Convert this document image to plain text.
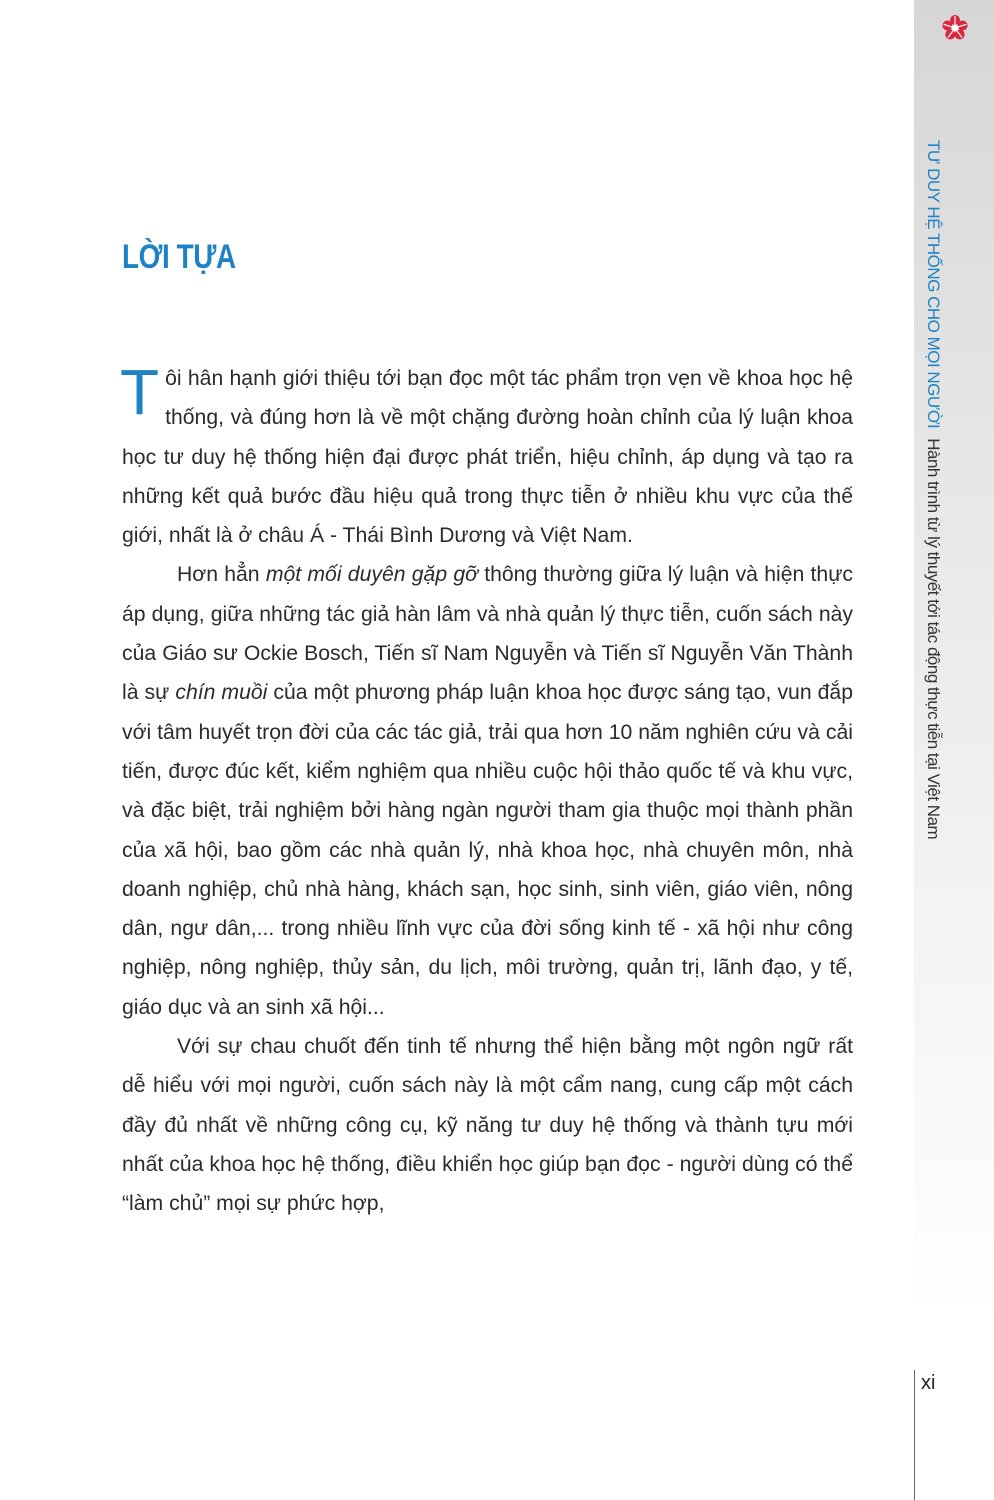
TƯ DUY HỆ THỐNG CHO MỌI NGƯỜIHành trình từ lý thuyết tới tác động thực tiễn tại Việt Nam
xi
LỜI TỰA

Tôi hân hạnh giới thiệu tới bạn đọc một tác phẩm trọn vẹn về khoa học hệ thống, và đúng hơn là về một chặng đường hoàn chỉnh của lý luận khoa học tư duy hệ thống hiện đại được phát triển, hiệu chỉnh, áp dụng và tạo ra những kết quả bước đầu hiệu quả trong thực tiễn ở nhiều khu vực của thế giới, nhất là ở châu Á - Thái Bình Dương và Việt Nam.

Hơn hẳn một mối duyên gặp gỡ thông thường giữa lý luận và hiện thực áp dụng, giữa những tác giả hàn lâm và nhà quản lý thực tiễn, cuốn sách này của Giáo sư Ockie Bosch, Tiến sĩ Nam Nguyễn và Tiến sĩ Nguyễn Văn Thành là sự chín muồi của một phương pháp luận khoa học được sáng tạo, vun đắp với tâm huyết trọn đời của các tác giả, trải qua hơn 10 năm nghiên cứu và cải tiến, được đúc kết, kiểm nghiệm qua nhiều cuộc hội thảo quốc tế và khu vực, và đặc biệt, trải nghiệm bởi hàng ngàn người tham gia thuộc mọi thành phần của xã hội, bao gồm các nhà quản lý, nhà khoa học, nhà chuyên môn, nhà doanh nghiệp, chủ nhà hàng, khách sạn, học sinh, sinh viên, giáo viên, nông dân, ngư dân,... trong nhiều lĩnh vực của đời sống kinh tế - xã hội như công nghiệp, nông nghiệp, thủy sản, du lịch, môi trường, quản trị, lãnh đạo, y tế, giáo dục và an sinh xã hội...

Với sự chau chuốt đến tinh tế nhưng thể hiện bằng một ngôn ngữ rất dễ hiểu với mọi người, cuốn sách này là một cẩm nang, cung cấp một cách đầy đủ nhất về những công cụ, kỹ năng tư duy hệ thống và thành tựu mới nhất của khoa học hệ thống, điều khiển học giúp bạn đọc - người dùng có thể “làm chủ” mọi sự phức hợp,
